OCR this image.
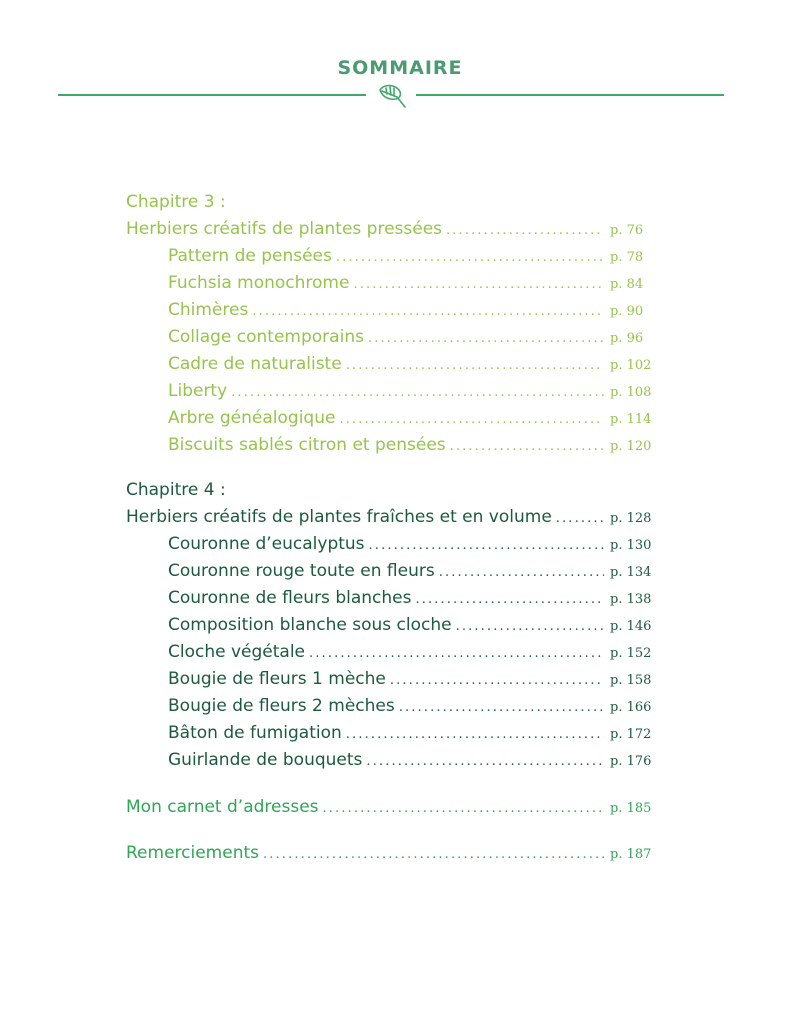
SOMMAIRE
Chapitre 3 :
Herbiers créatifs de plantes pressées . . .	p. 76
Pattern de pensées . . .	p. 78
Fuchsia monochrome . . .	p. 84
Chimères . . .	p. 90
Collage contemporains . . .	p. 96
Cadre de naturaliste . . .	p. 102
Liberty . . .	p. 108
Arbre généalogique . . .	p. 114
Biscuits sablés citron et pensées . . .	p. 120
Chapitre 4 :
Herbiers créatifs de plantes fraîches et en volume . . .	p. 128
Couronne d’eucalyptus . . .	p. 130
Couronne rouge toute en fleurs . . .	p. 134
Couronne de fleurs blanches . . .	p. 138
Composition blanche sous cloche . . .	p. 146
Cloche végétale . . .	p. 152
Bougie de fleurs 1 mèche . . .	p. 158
Bougie de fleurs 2 mèches . . .	p. 166
Bâton de fumigation . . .	p. 172
Guirlande de bouquets . . .	p. 176
Mon carnet d’adresses . . .	p. 185
Remerciements . . .	p. 187
